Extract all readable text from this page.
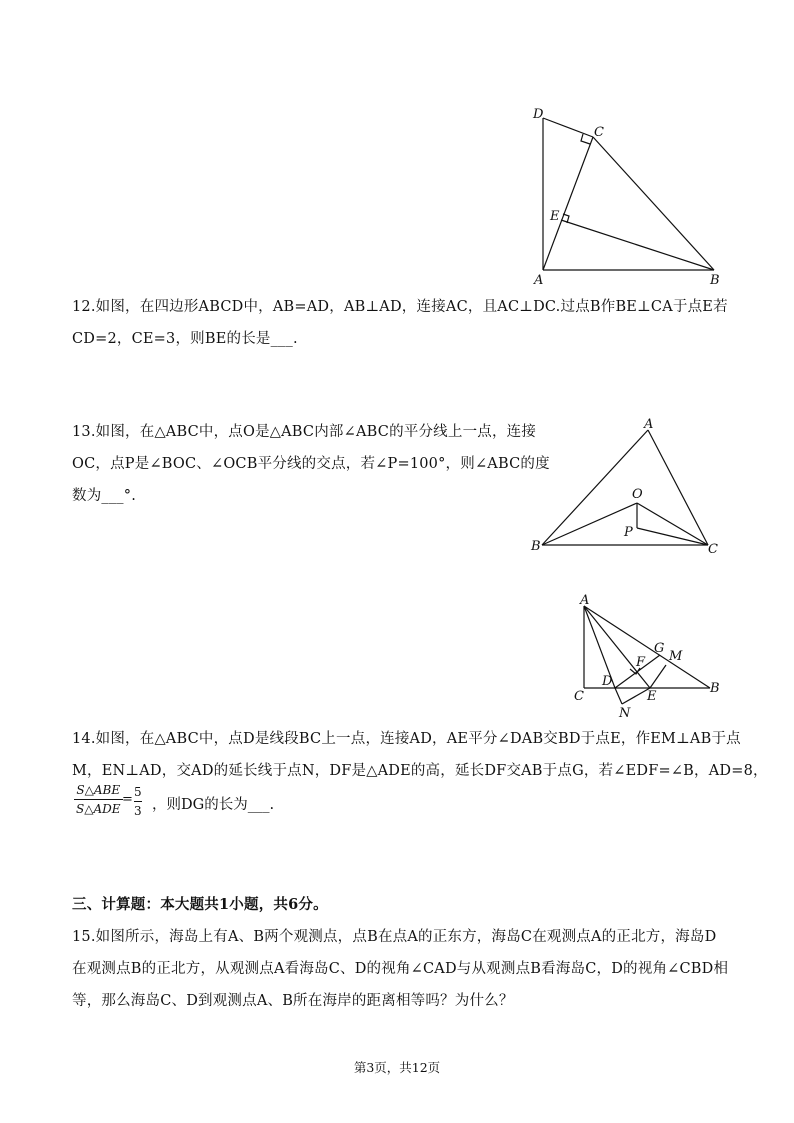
D
C
E
A	B
12.如图，在四边形ABCD中，AB=AD，AB⊥AD，连接AC，且AC⊥DC.过点B作BE⊥CA于点E若
CD=2，CE=3，则BE的长是___.
13.如图，在△ABC中，点O是△ABC内部∠ABC的平分线上一点，连接
OC，点P是∠BOC、∠OCB平分线的交点，若∠P=100°，则∠ABC的度
数为___°.
A
O
P
B	C
A
G
M
F
D
E
C
B
N
14.如图，在△ABC中，点D是线段BC上一点，连接AD，AE平分∠DAB交BD于点E，作EM⊥AB于点
M，EN⊥AD，交AD的延长线于点N，DF是△ADE的高，延长DF交AB于点G，若∠EDF=∠B，AD=8，
S△ABE
S△ADE
= 5
3 ，则DG的长为___.
三、计算题：本大题共1小题，共6分。
15.如图所示，海岛上有A、B两个观测点，点B在点A的正东方，海岛C在观测点A的正北方，海岛D
在观测点B的正北方，从观测点A看海岛C、D的视角∠CAD与从观测点B看海岛C，D的视角∠CBD相
等，那么海岛C、D到观测点A、B所在海岸的距离相等吗？为什么？
第3页，共12页
